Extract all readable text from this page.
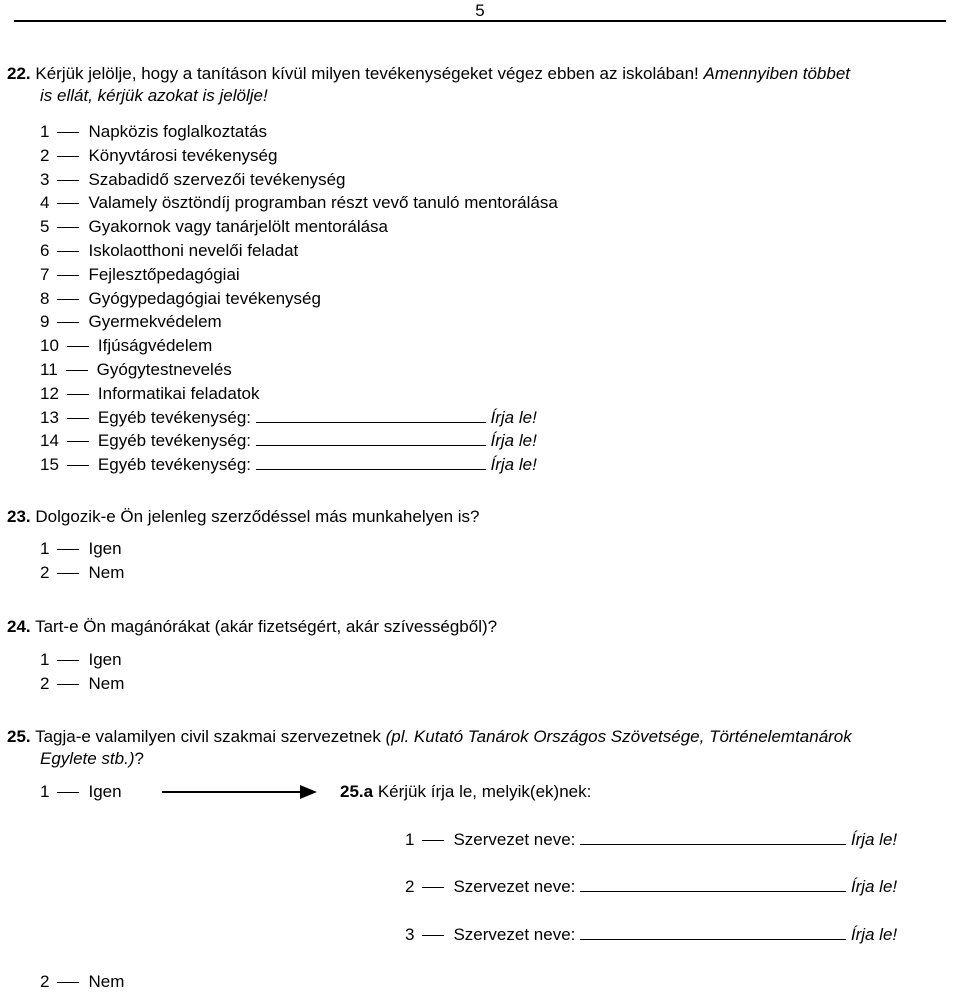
5
22. Kérjük jelölje, hogy a tanításon kívül milyen tevékenységeket végez ebben az iskolában! Amennyiben többet
is ellát, kérjük azokat is jelölje!
1 Napközis foglalkoztatás
2 Könyvtárosi tevékenység
3 Szabadidő szervezői tevékenység
4 Valamely ösztöndíj programban részt vevő tanuló mentorálása
5 Gyakornok vagy tanárjelölt mentorálása
6 Iskolaotthoni nevelői feladat
7 Fejlesztőpedagógiai
8 Gyógypedagógiai tevékenység
9 Gyermekvédelem
10 Ifjúságvédelem
11 Gyógytestnevelés
12 Informatikai feladatok
13 Egyéb tevékenység:	Írja le!
14 Egyéb tevékenység:	Írja le!
15 Egyéb tevékenység:	Írja le!
23. Dolgozik-e Ön jelenleg szerződéssel más munkahelyen is?
1 Igen
2 Nem
24. Tart-e Ön magánórákat (akár fizetségért, akár szívességből)?
1 Igen
2 Nem
25. Tagja-e valamilyen civil szakmai szervezetnek (pl. Kutató Tanárok Országos Szövetsége, Történelemtanárok
Egylete stb.)?
1 Igen	25.a Kérjük írja le, melyik(ek)nek:
1 Szervezet neve:	Írja le!
2 Szervezet neve:	Írja le!
3 Szervezet neve:	Írja le!
2 Nem
